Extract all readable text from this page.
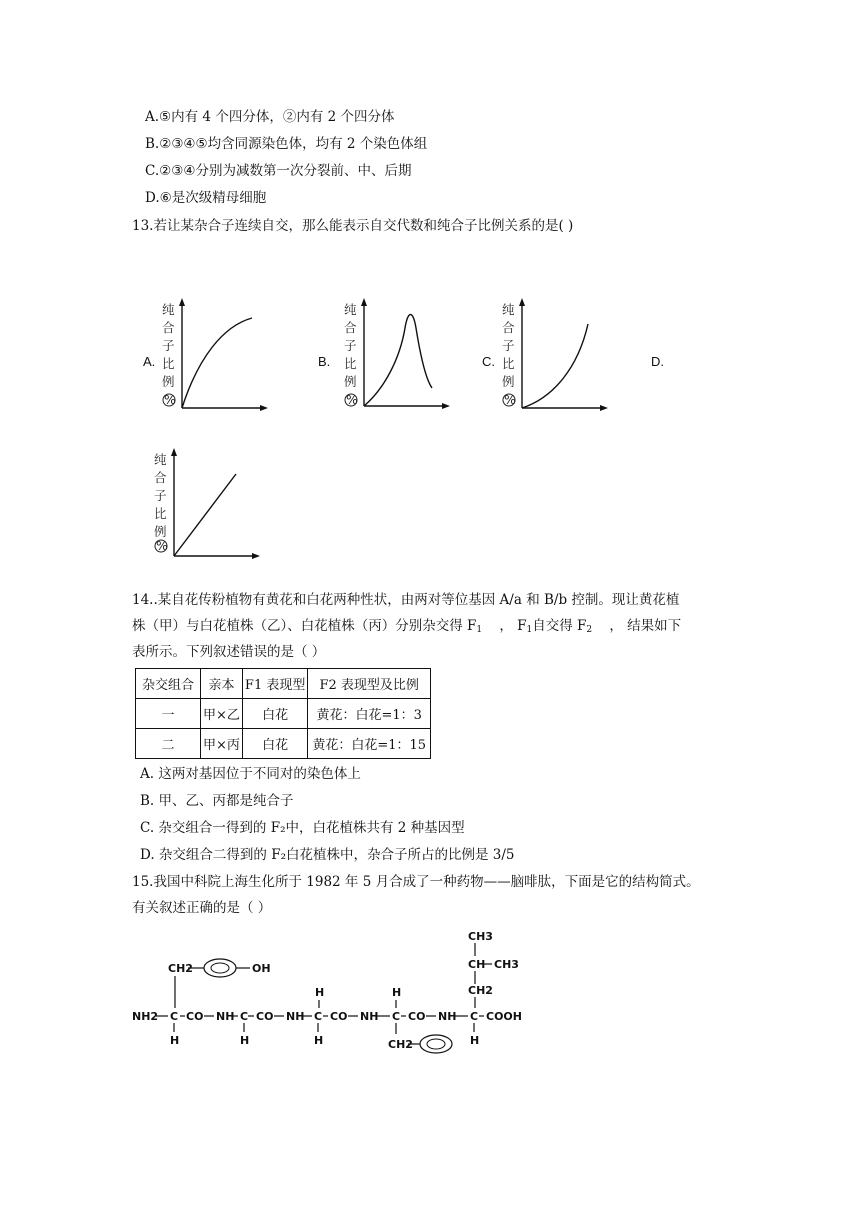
A.⑤内有 4 个四分体，②内有 2 个四分体
B.②③④⑤均含同源染色体，均有 2 个染色体组
C.②③④分别为减数第一次分裂前、中、后期
D.⑥是次级精母细胞
13.若让某杂合子连续自交，那么能表示自交代数和纯合子比例关系的是( )
A.	B.	C.	D.
纯
合
子
比
例
%
纯
合
子
比
例
%
纯
合
子
比
例
%
纯
合
子
比
例
%
14..某自花传粉植物有黄花和白花两种性状，由两对等位基因 A/a 和 B/b 控制。现让黄花植
株（甲）与白花植株（乙）、白花植株（丙）分别杂交得 $F_1$ ， $F_1$自交得 $F_2$ ， 结果如下
表所示。下列叙述错误的是（ ）
杂交组合	亲本	F1 表现型	F2 表现型及比例
一	甲×乙	白花	黄花：白花=1：3
二	甲×丙	白花	黄花：白花=1：15
A. 这两对基因位于不同对的染色体上
B. 甲、乙、丙都是纯合子
C. 杂交组合一得到的 F₂中，白花植株共有 2 种基因型
D. 杂交组合二得到的 F₂白花植株中，杂合子所占的比例是 3/5
15.我国中科院上海生化所于 1982 年 5 月合成了一种药物——脑啡肽，下面是它的结构简式。
有关叙述正确的是（ ）
CH2	OH
CH3
CH CH3
CH2
H	H
NH2 C CO NH C CO NH C CO NH C CO NH C COOH
H	H	H	H
CH2
